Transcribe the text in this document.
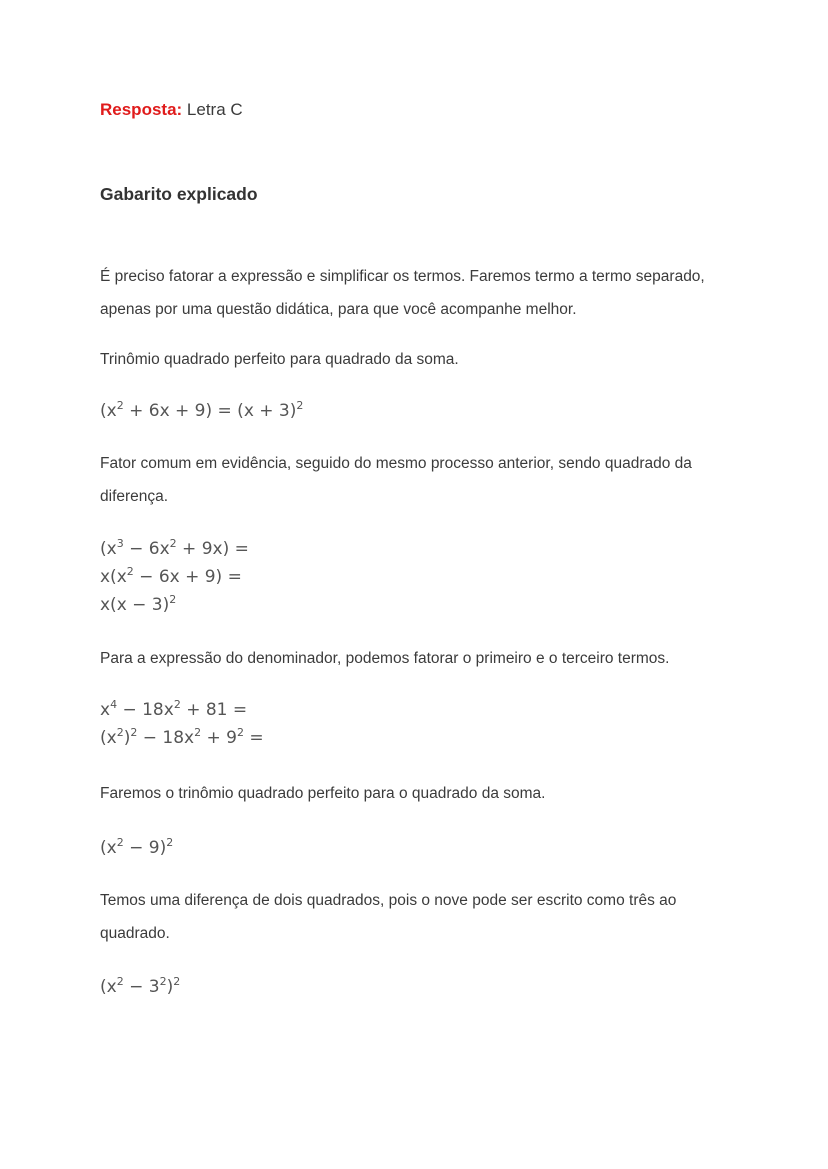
Resposta: Letra C
Gabarito explicado
É preciso fatorar a expressão e simplificar os termos. Faremos termo a termo separado, apenas por uma questão didática, para que você acompanhe melhor.
Trinômio quadrado perfeito para quadrado da soma.
$(x^2 + 6x + 9) = (x + 3)^2$
Fator comum em evidência, seguido do mesmo processo anterior, sendo quadrado da diferença.
$(x^3 - 6x^2 + 9x)$ =
$x(x^2 - 6x + 9)$ =
$x(x - 3)^2$
Para a expressão do denominador, podemos fatorar o primeiro e o terceiro termos.
$x^4 - 18x^2 + 81$ =
$(x^2)^2 - 18x^2 + 9^2$ =
Faremos o trinômio quadrado perfeito para o quadrado da soma.
$(x^2 - 9)^2$
Temos uma diferença de dois quadrados, pois o nove pode ser escrito como três ao quadrado.
$(x^2 - 3^2)^2$
